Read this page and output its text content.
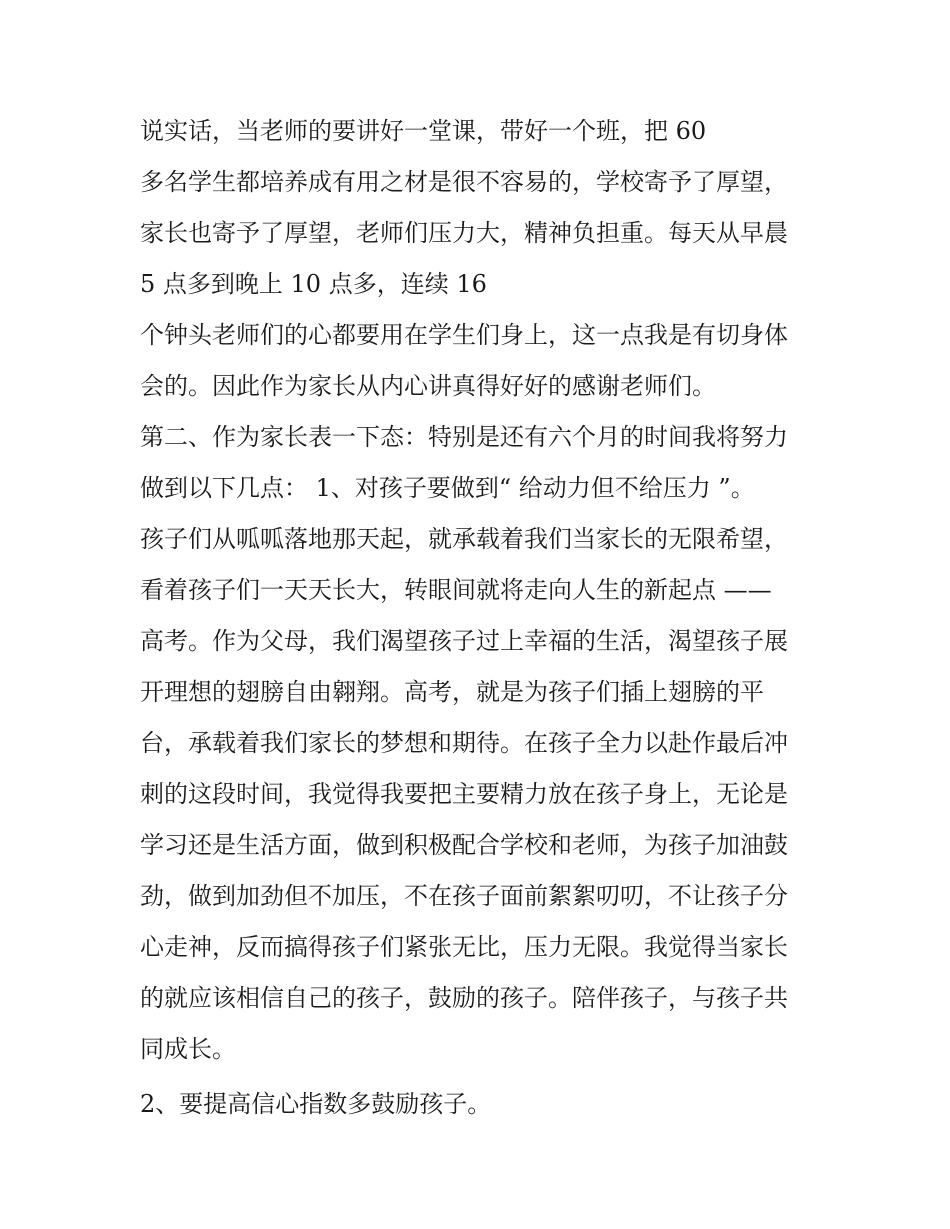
说实话，当老师的要讲好一堂课，带好一个班，把 60
多名学生都培养成有用之材是很不容易的，学校寄予了厚望，
家长也寄予了厚望，老师们压力大，精神负担重。每天从早晨
5 点多到晚上 10 点多，连续 16
个钟头老师们的心都要用在学生们身上，这一点我是有切身体
会的。因此作为家长从内心讲真得好好的感谢老师们。
第二、作为家长表一下态：特别是还有六个月的时间我将努力
做到以下几点： 1、对孩子要做到“ 给动力但不给压力 ”。
孩子们从呱呱落地那天起，就承载着我们当家长的无限希望，
看着孩子们一天天长大，转眼间就将走向人生的新起点 ——
高考。作为父母，我们渴望孩子过上幸福的生活，渴望孩子展
开理想的翅膀自由翱翔。高考，就是为孩子们插上翅膀的平
台，承载着我们家长的梦想和期待。在孩子全力以赴作最后冲
刺的这段时间，我觉得我要把主要精力放在孩子身上，无论是
学习还是生活方面，做到积极配合学校和老师，为孩子加油鼓
劲，做到加劲但不加压，不在孩子面前絮絮叨叨，不让孩子分
心走神，反而搞得孩子们紧张无比，压力无限。我觉得当家长
的就应该相信自己的孩子，鼓励的孩子。陪伴孩子，与孩子共
同成长。
2、要提高信心指数多鼓励孩子。
